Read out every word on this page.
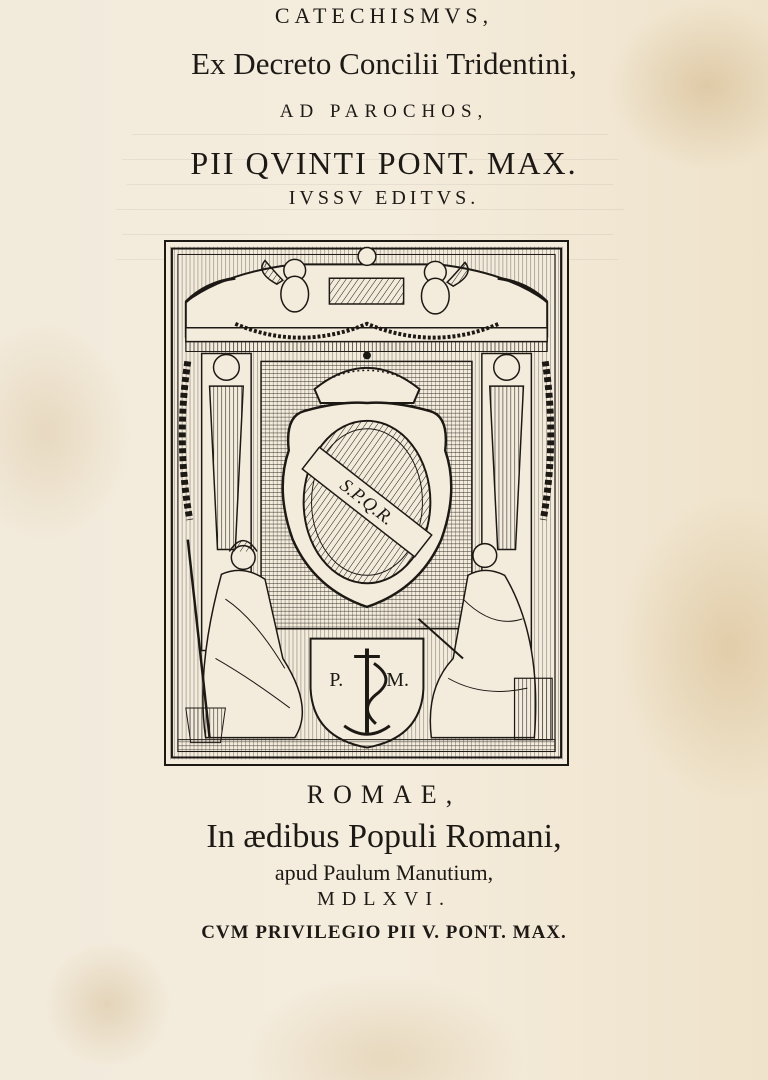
CATECHISMVS,
Ex Decreto Concilii Tridentini,
AD PAROCHOS,
PII QVINTI PONT. MAX.
IVSSV EDITVS.
S.P.Q.R.
P. M.
ROMAE,
In ædibus Populi Romani,
apud Paulum Manutium,
MDLXVI.
CVM PRIVILEGIO PII V. PONT. MAX.
